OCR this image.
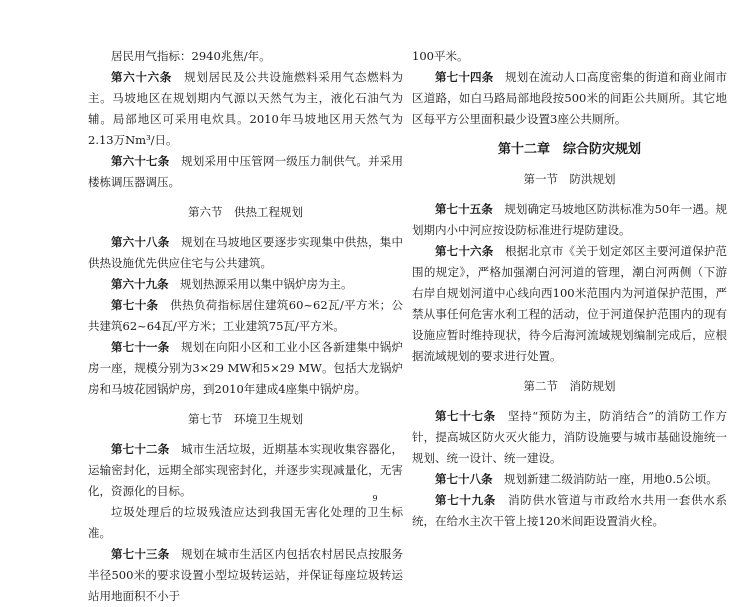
居民用气指标：2940兆焦/年。

第六十六条　规划居民及公共设施燃料采用气态燃料为主。马坡地区在规划期内气源以天然气为主，液化石油气为辅。局部地区可采用电炊具。2010年马坡地区用天然气为2.13万Nm³/日。

第六十七条　规划采用中压管网一级压力制供气。并采用楼栋调压器调压。

第六节　供热工程规划

第六十八条　规划在马坡地区要逐步实现集中供热，集中供热设施优先供应住宅与公共建筑。

第六十九条　规划热源采用以集中锅炉房为主。

第七十条　供热负荷指标居住建筑60~62瓦/平方米；公共建筑62~64瓦/平方米；工业建筑75瓦/平方米。

第七十一条　规划在向阳小区和工业小区各新建集中锅炉房一座，规模分别为3×29 MW和5×29 MW。包括大龙锅炉房和马坡花园锅炉房，到2010年建成4座集中锅炉房。

第七节　环境卫生规划

第七十二条　城市生活垃圾，近期基本实现收集容器化，运输密封化，远期全部实现密封化，并逐步实现减量化，无害化，资源化的目标。

垃圾处理后的垃圾残渣应达到我国无害化处理的卫生标准。

第七十三条　规划在城市生活区内包括农村居民点按服务半径500米的要求设置小型垃圾转运站，并保证每座垃圾转运站用地面积不小于

100平米。

第七十四条　规划在流动人口高度密集的街道和商业闹市区道路，如白马路局部地段按500米的间距公共厕所。其它地区每平方公里面积最少设置3座公共厕所。

第十二章　综合防灾规划
第一节　防洪规划

第七十五条　规划确定马坡地区防洪标准为50年一遇。规划期内小中河应按设防标准进行堤防建设。

第七十六条　根据北京市《关于划定郊区主要河道保护范围的规定》，严格加强潮白河河道的管理，潮白河两侧（下游右岸自规划河道中心线向西100米范围内为河道保护范围，严禁从事任何危害水利工程的活动，位于河道保护范围内的现有设施应暂时维持现状，待今后海河流域规划编制完成后，应根据流域规划的要求进行处置。

第二节　消防规划

第七十七条　坚持“预防为主，防消结合”的消防工作方针，提高城区防火灭火能力，消防设施要与城市基础设施统一规划、统一设计、统一建设。

第七十八条　规划新建二级消防站一座，用地0.5公顷。

第七十九条　消防供水管道与市政给水共用一套供水系统，在给水主次干管上接120米间距设置消火栓。

9
